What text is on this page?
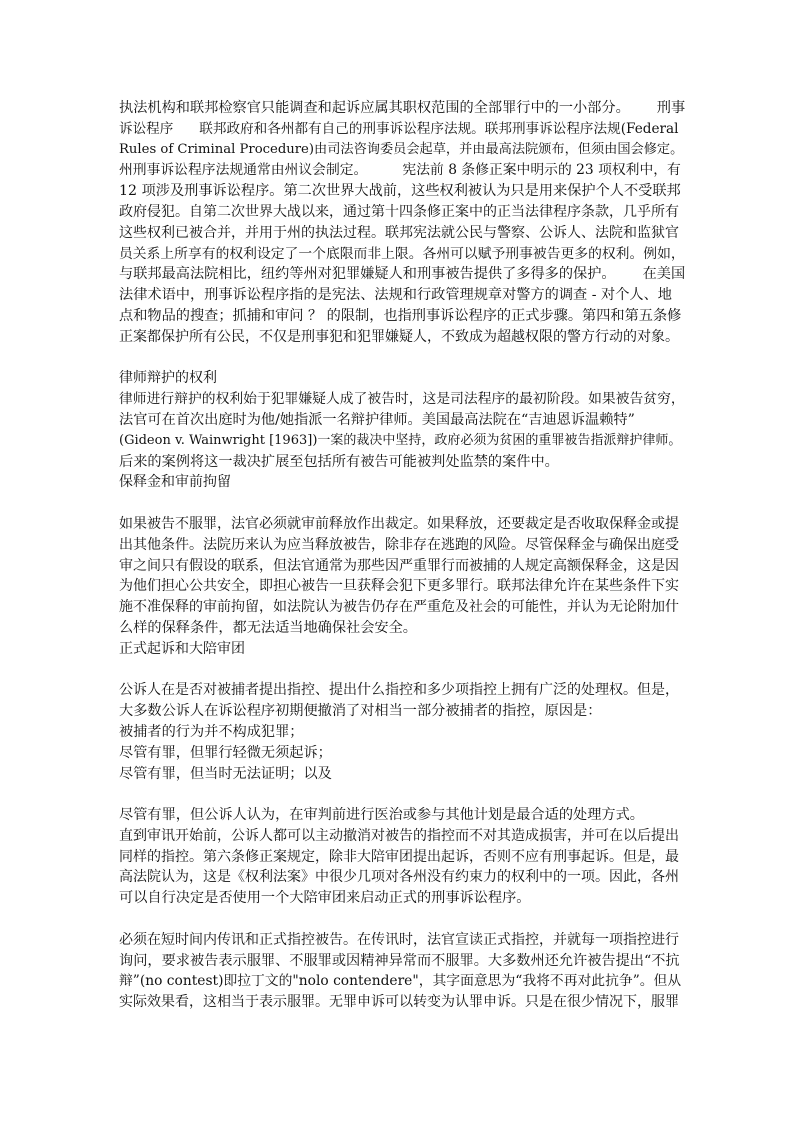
执法机构和联邦检察官只能调查和起诉应属其职权范围的全部罪行中的一小部分。      刑事

诉讼程序      联邦政府和各州都有自己的刑事诉讼程序法规。联邦刑事诉讼程序法规(Federal

Rules of Criminal Procedure)由司法咨询委员会起草，并由最高法院颁布，但须由国会修定。

州刑事诉讼程序法规通常由州议会制定。        宪法前 8 条修正案中明示的 23 项权利中，有

12 项涉及刑事诉讼程序。第二次世界大战前，这些权利被认为只是用来保护个人不受联邦

政府侵犯。自第二次世界大战以来，通过第十四条修正案中的正当法律程序条款，几乎所有

这些权利已被合并，并用于州的执法过程。联邦宪法就公民与警察、公诉人、法院和监狱官

员关系上所享有的权利设定了一个底限而非上限。各州可以赋予刑事被告更多的权利。例如，

与联邦最高法院相比，纽约等州对犯罪嫌疑人和刑事被告提供了多得多的保护。      在美国

法律术语中，刑事诉讼程序指的是宪法、法规和行政管理规章对警方的调查 - 对个人、地

点和物品的搜查；抓捕和审问 ？ 的限制，也指刑事诉讼程序的正式步骤。第四和第五条修

正案都保护所有公民，不仅是刑事犯和犯罪嫌疑人，不致成为超越权限的警方行动的对象。

律师辩护的权利

律师进行辩护的权利始于犯罪嫌疑人成了被告时，这是司法程序的最初阶段。如果被告贫穷，

法官可在首次出庭时为他/她指派一名辩护律师。美国最高法院在“吉迪恩诉温赖特”

(Gideon v. Wainwright [1963])一案的裁决中坚持，政府必须为贫困的重罪被告指派辩护律师。

后来的案例将这一裁决扩展至包括所有被告可能被判处监禁的案件中。

保释金和审前拘留

如果被告不服罪，法官必须就审前释放作出裁定。如果释放，还要裁定是否收取保释金或提

出其他条件。法院历来认为应当释放被告，除非存在逃跑的风险。尽管保释金与确保出庭受

审之间只有假设的联系，但法官通常为那些因严重罪行而被捕的人规定高额保释金，这是因

为他们担心公共安全，即担心被告一旦获释会犯下更多罪行。联邦法律允许在某些条件下实

施不准保释的审前拘留，如法院认为被告仍存在严重危及社会的可能性，并认为无论附加什

么样的保释条件，都无法适当地确保社会安全。

正式起诉和大陪审团

公诉人在是否对被捕者提出指控、提出什么指控和多少项指控上拥有广泛的处理权。但是，

大多数公诉人在诉讼程序初期便撤消了对相当一部分被捕者的指控，原因是：

被捕者的行为并不构成犯罪；

尽管有罪，但罪行轻微无须起诉；

尽管有罪，但当时无法证明；以及

尽管有罪，但公诉人认为，在审判前进行医治或参与其他计划是最合适的处理方式。

直到审讯开始前，公诉人都可以主动撤消对被告的指控而不对其造成损害，并可在以后提出

同样的指控。第六条修正案规定，除非大陪审团提出起诉，否则不应有刑事起诉。但是，最

高法院认为，这是《权利法案》中很少几项对各州没有约束力的权利中的一项。因此，各州

可以自行决定是否使用一个大陪审团来启动正式的刑事诉讼程序。

必须在短时间内传讯和正式指控被告。在传讯时，法官宣读正式指控，并就每一项指控进行

询问，要求被告表示服罪、不服罪或因精神异常而不服罪。大多数州还允许被告提出“不抗

辩”(no contest)即拉丁文的"nolo contendere"，其字面意思为“我将不再对此抗争”。但从

实际效果看，这相当于表示服罪。无罪申诉可以转变为认罪申诉。只是在很少情况下，服罪
